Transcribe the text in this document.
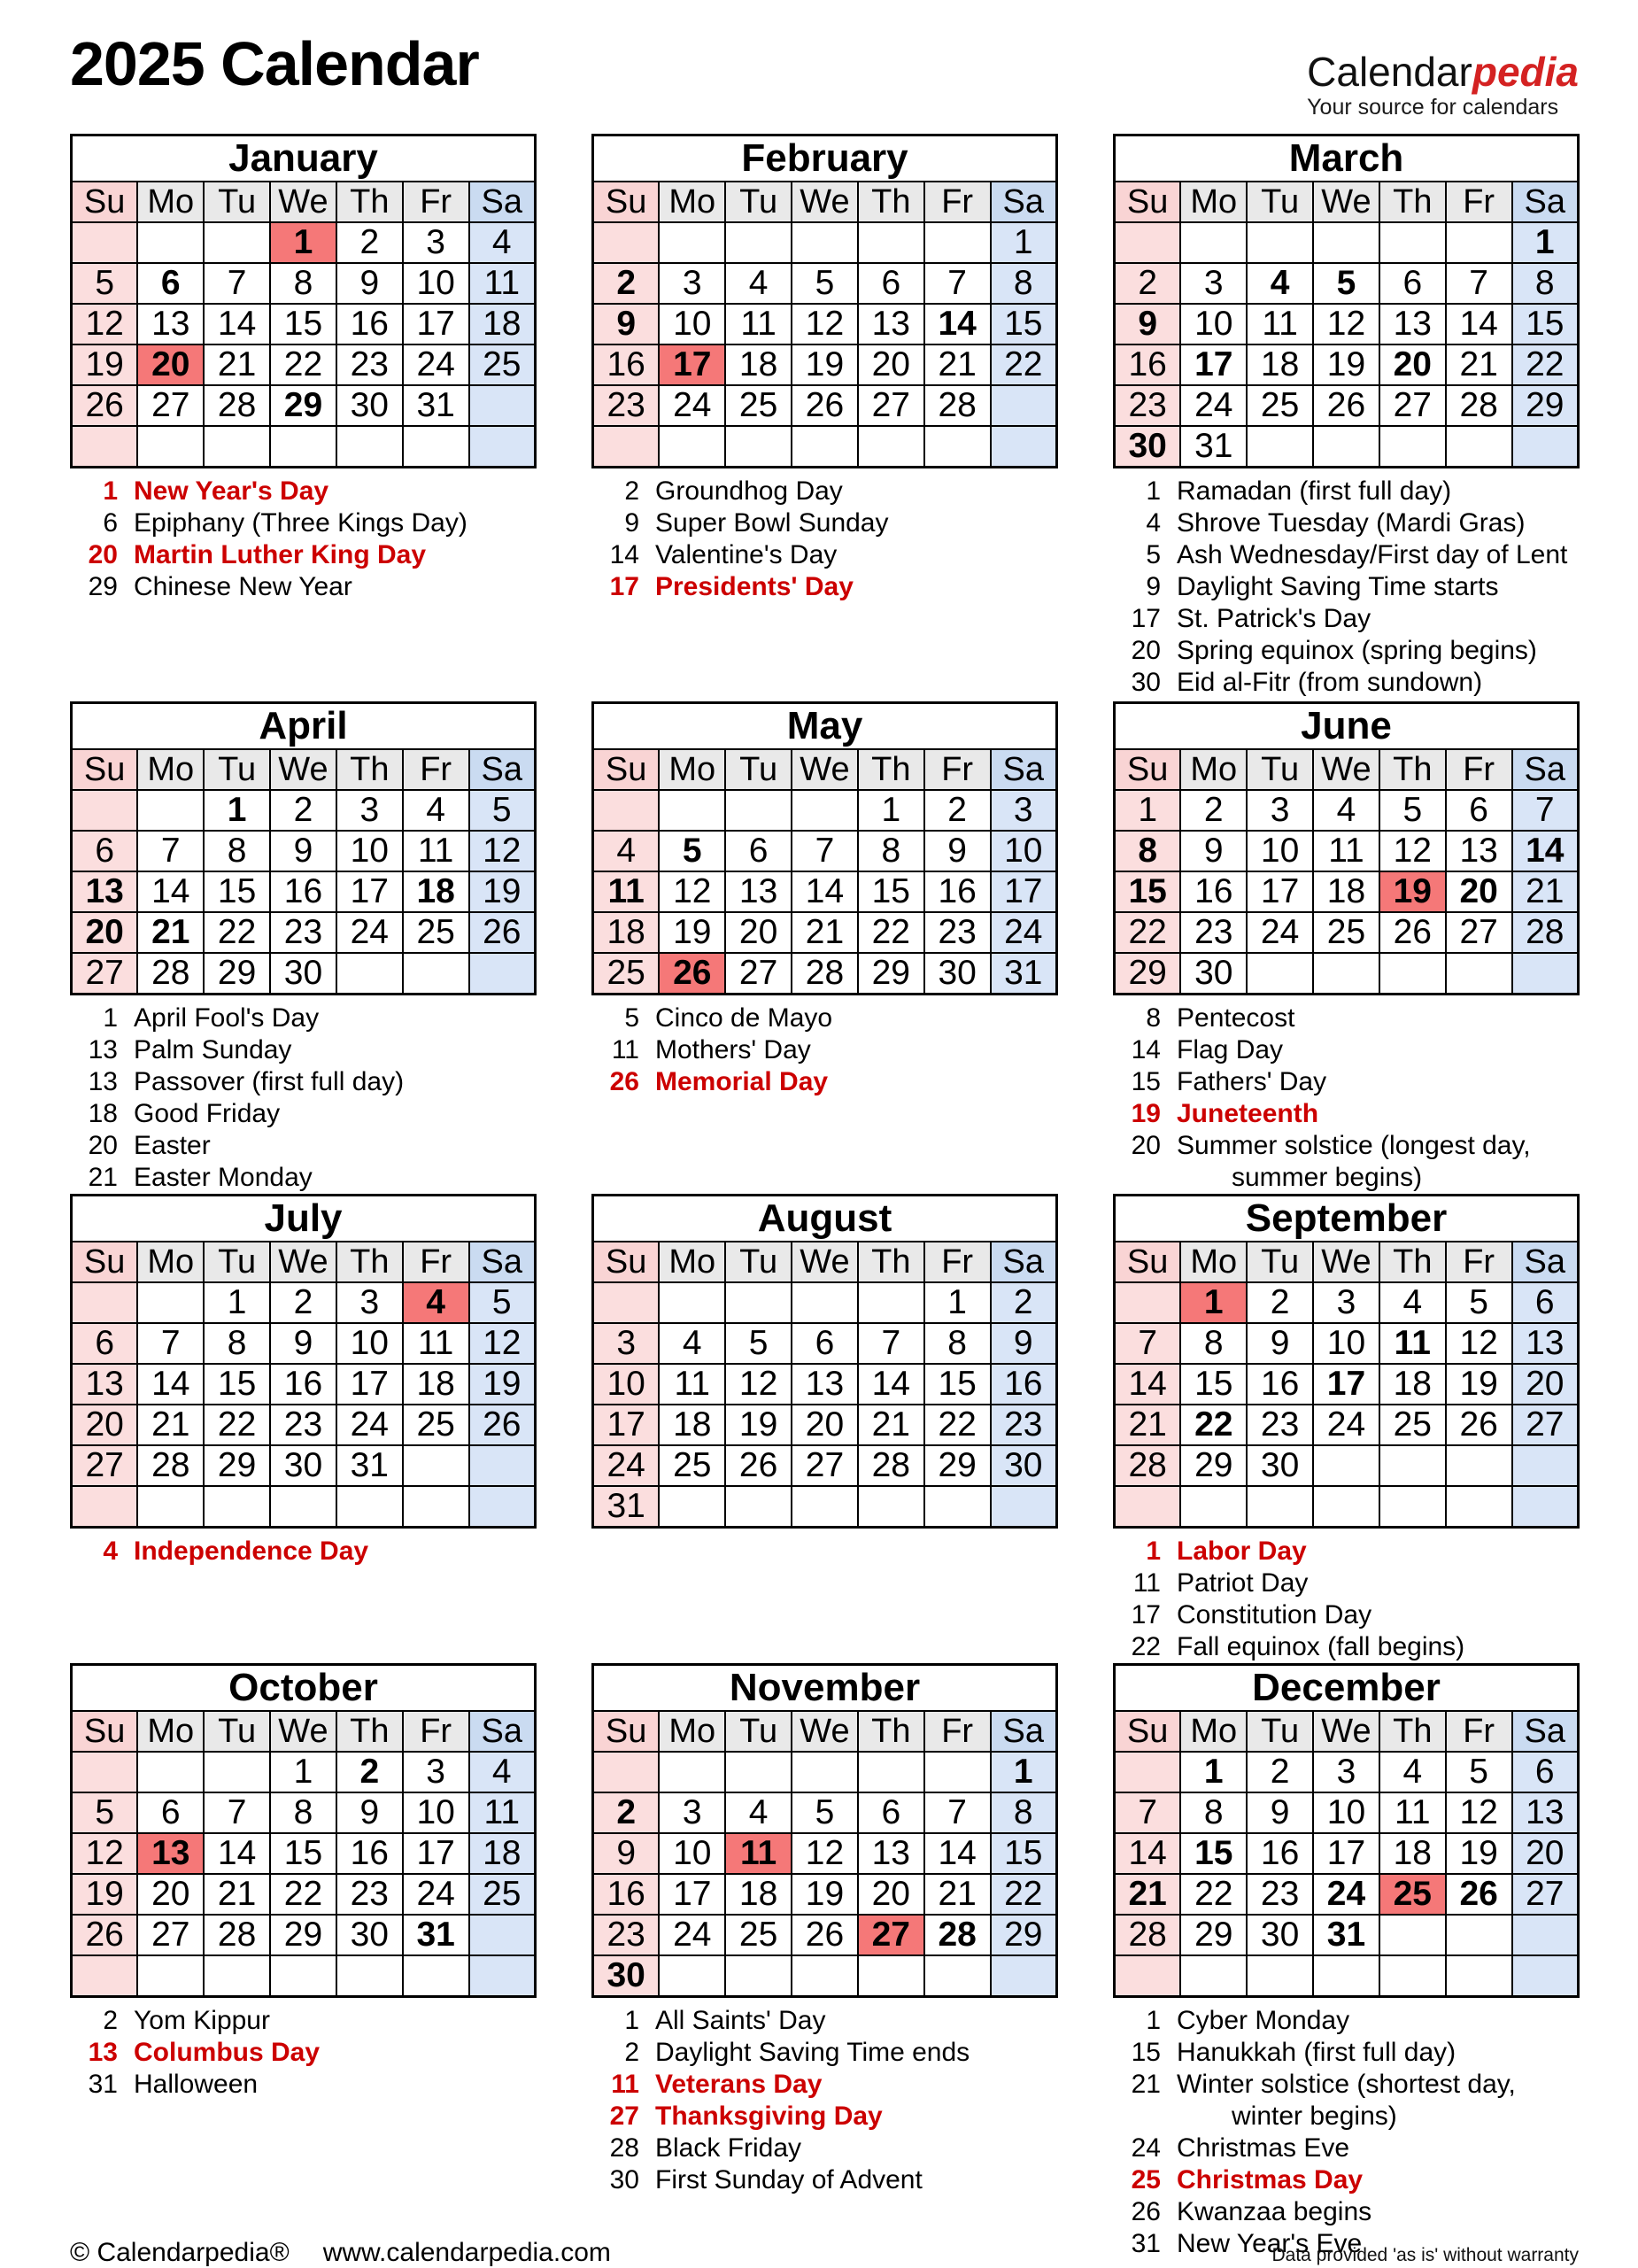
2025 Calendar	Calendarpedia
Your source for calendars
January						
Su	Mo	Tu	We	Th	Fr	Sa
			1	2	3	4
5	6	7	8	9	10	11
12	13	14	15	16	17	18
19	20	21	22	23	24	25
26	27	28	29	30	31	

1 New Year's Day
6 Epiphany (Three Kings Day)
20 Martin Luther King Day
29 Chinese New Year
February						
Su	Mo	Tu	We	Th	Fr	Sa
						1
2	3	4	5	6	7	8
9	10	11	12	13	14	15
16	17	18	19	20	21	22
23	24	25	26	27	28	

2 Groundhog Day
9 Super Bowl Sunday
14 Valentine's Day
17 Presidents' Day
March						
Su	Mo	Tu	We	Th	Fr	Sa
						1
2	3	4	5	6	7	8
9	10	11	12	13	14	15
16	17	18	19	20	21	22
23	24	25	26	27	28	29
30	31					
1 Ramadan (first full day)
4 Shrove Tuesday (Mardi Gras)
5 Ash Wednesday/First day of Lent
9 Daylight Saving Time starts
17 St. Patrick's Day
20 Spring equinox (spring begins)
30 Eid al-Fitr (from sundown)
April						
Su	Mo	Tu	We	Th	Fr	Sa
		1	2	3	4	5
6	7	8	9	10	11	12
13	14	15	16	17	18	19
20	21	22	23	24	25	26
27	28	29	30			
1 April Fool's Day
13 Palm Sunday
13 Passover (first full day)
18 Good Friday
20 Easter
21 Easter Monday
May						
Su	Mo	Tu	We	Th	Fr	Sa
				1	2	3
4	5	6	7	8	9	10
11	12	13	14	15	16	17
18	19	20	21	22	23	24
25	26	27	28	29	30	31
5 Cinco de Mayo
11 Mothers' Day
26 Memorial Day
June						
Su	Mo	Tu	We	Th	Fr	Sa
1	2	3	4	5	6	7
8	9	10	11	12	13	14
15	16	17	18	19	20	21
22	23	24	25	26	27	28
29	30					
8 Pentecost
14 Flag Day
15 Fathers' Day
19 Juneteenth
20 Summer solstice (longest day,
summer begins)
July						
Su	Mo	Tu	We	Th	Fr	Sa
		1	2	3	4	5
6	7	8	9	10	11	12
13	14	15	16	17	18	19
20	21	22	23	24	25	26
27	28	29	30	31		

4 Independence Day
August						
Su	Mo	Tu	We	Th	Fr	Sa
					1	2
3	4	5	6	7	8	9
10	11	12	13	14	15	16
17	18	19	20	21	22	23
24	25	26	27	28	29	30
31						
September						
Su	Mo	Tu	We	Th	Fr	Sa
	1	2	3	4	5	6
7	8	9	10	11	12	13
14	15	16	17	18	19	20
21	22	23	24	25	26	27
28	29	30				

1 Labor Day
11 Patriot Day
17 Constitution Day
22 Fall equinox (fall begins)
October						
Su	Mo	Tu	We	Th	Fr	Sa
			1	2	3	4
5	6	7	8	9	10	11
12	13	14	15	16	17	18
19	20	21	22	23	24	25
26	27	28	29	30	31	

2 Yom Kippur
13 Columbus Day
31 Halloween
November						
Su	Mo	Tu	We	Th	Fr	Sa
						1
2	3	4	5	6	7	8
9	10	11	12	13	14	15
16	17	18	19	20	21	22
23	24	25	26	27	28	29
30						
1 All Saints' Day
2 Daylight Saving Time ends
11 Veterans Day
27 Thanksgiving Day
28 Black Friday
30 First Sunday of Advent
December						
Su	Mo	Tu	We	Th	Fr	Sa
	1	2	3	4	5	6
7	8	9	10	11	12	13
14	15	16	17	18	19	20
21	22	23	24	25	26	27
28	29	30	31			

1 Cyber Monday
15 Hanukkah (first full day)
21 Winter solstice (shortest day,
winter begins)
24 Christmas Eve
25 Christmas Day
26 Kwanzaa begins
31 New Year's Eve
© Calendarpedia® www.calendarpedia.com	Data provided 'as is' without warranty
